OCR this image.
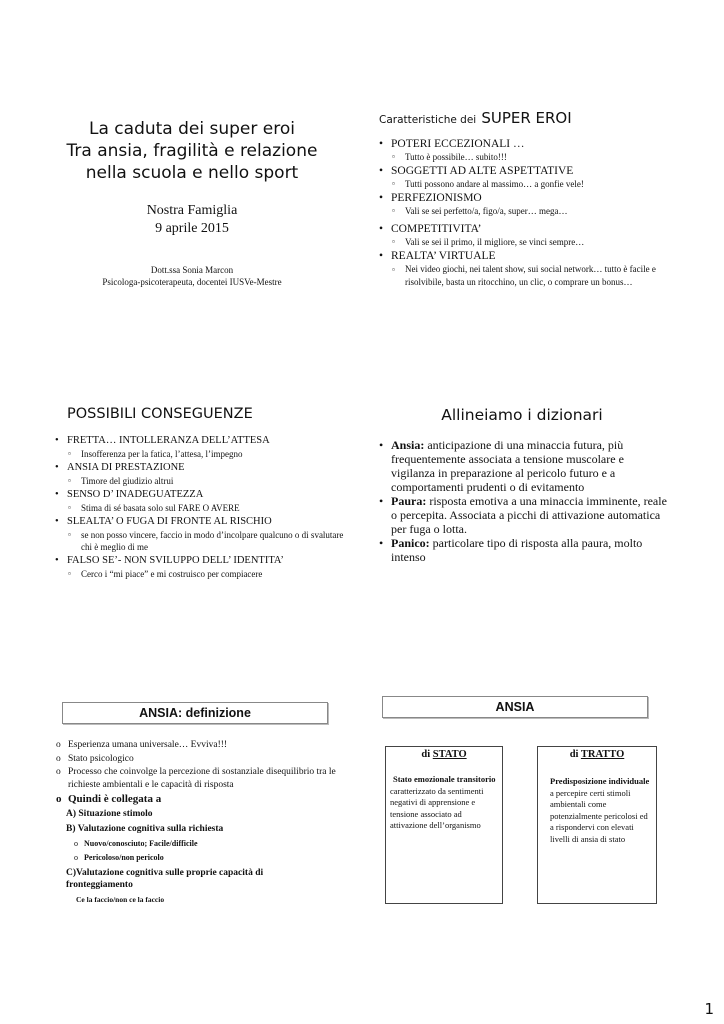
La caduta dei super eroi
Tra ansia, fragilità e relazione
nella scuola e nello sport
Nostra Famiglia
9 aprile 2015
Dott.ssa Sonia Marcon
Psicologa-psicoterapeuta, docentei IUSVe-Mestre
Caratteristiche dei SUPER EROI
• POTERI ECCEZIONALI …
▫ Tutto è possibile… subito!!!
• SOGGETTI AD ALTE ASPETTATIVE
▫ Tutti possono andare al massimo… a gonfie vele!
• PERFEZIONISMO
▫ Vali se sei perfetto/a, figo/a, super… mega…
• COMPETITIVITA’
▫ Vali se sei il primo, il migliore, se vinci sempre…
• REALTA’ VIRTUALE
▫ Nei video giochi, nei talent show, sui social network… tutto è facile e risolvibile, basta un ritocchino, un clic, o comprare un bonus…
POSSIBILI CONSEGUENZE
• FRETTA… INTOLLERANZA DELL’ATTESA
▫ Insofferenza per la fatica, l’attesa, l’impegno
• ANSIA DI PRESTAZIONE
▫ Timore del giudizio altrui
• SENSO D’ INADEGUATEZZA
▫ Stima di sé basata solo sul FARE O AVERE
• SLEALTA’ O FUGA DI FRONTE AL RISCHIO
▫ se non posso vincere, faccio in modo d’incolpare qualcuno o di svalutare chi è meglio di me
• FALSO SE’- NON SVILUPPO DELL’ IDENTITA’
▫ Cerco i “mi piace” e mi costruisco per compiacere
Allineiamo i dizionari
• Ansia: anticipazione di una minaccia futura, più frequentemente associata a tensione muscolare e vigilanza in preparazione al pericolo futuro e a comportamenti prudenti o di evitamento
• Paura: risposta emotiva a una minaccia imminente, reale o percepita. Associata a picchi di attivazione automatica per fuga o lotta.
• Panico: particolare tipo di risposta alla paura, molto intenso
ANSIA: definizione
o Esperienza umana universale… Evviva!!!
o Stato psicologico
o Processo che coinvolge la percezione di sostanziale disequilibrio tra le richieste ambientali e le capacità di risposta
o Quindi è collegata a
A) Situazione stimolo
B) Valutazione cognitiva sulla richiesta
o Nuovo/conosciuto; Facile/difficile
o Pericoloso/non pericolo
C)Valutazione cognitiva sulle proprie capacità di fronteggiamento
Ce la faccio/non ce la faccio
ANSIA
di STATO
Stato emozionale transitorio caratterizzato da sentimenti negativi di apprensione e tensione associato ad attivazione dell’organismo
di TRATTO
Predisposizione individuale a percepire certi stimoli ambientali come potenzialmente pericolosi ed a rispondervi con elevati livelli di ansia di stato
1
